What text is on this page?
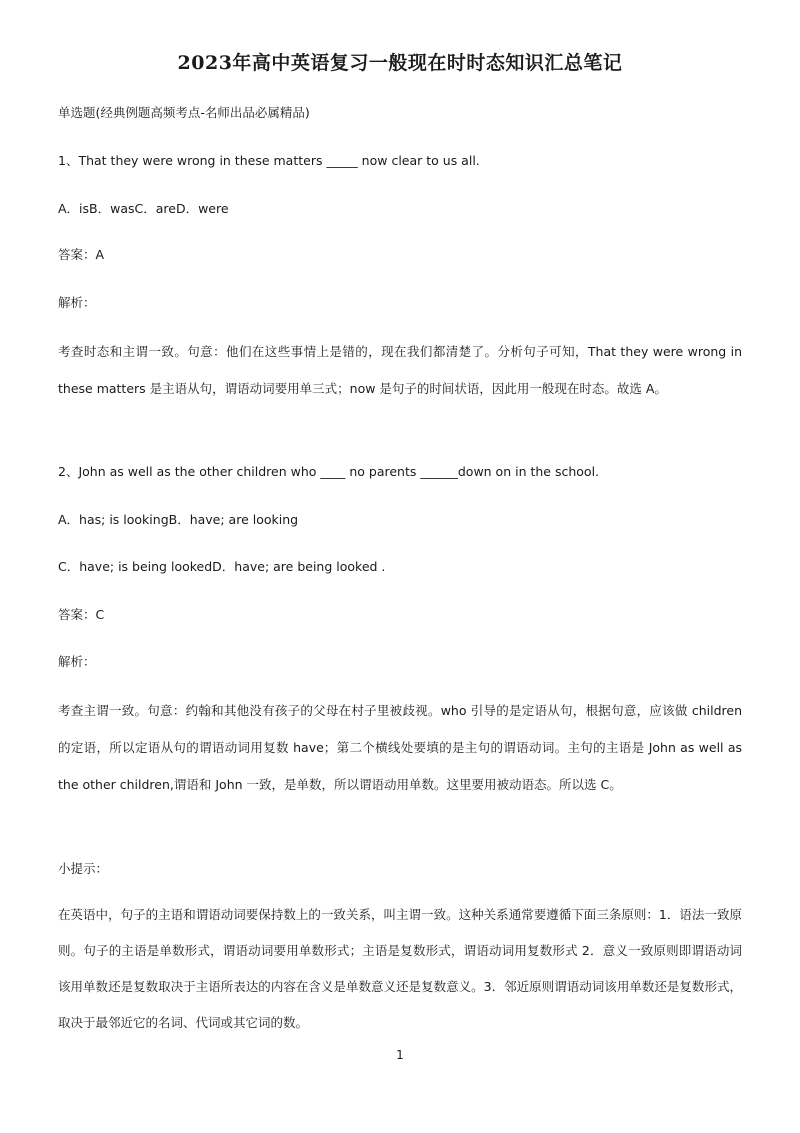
2023年高中英语复习一般现在时时态知识汇总笔记

单选题(经典例题高频考点-名师出品必属精品)

1、That they were wrong in these matters _____ now clear to us all.

A．isB．wasC．areD．were

答案：A

解析：

考查时态和主谓一致。句意：他们在这些事情上是错的，现在我们都清楚了。分析句子可知，That they were wrong in these matters 是主语从句，谓语动词要用单三式；now 是句子的时间状语，因此用一般现在时态。故选 A。

2、John as well as the other children who ____ no parents ______down on in the school.

A．has; is lookingB．have; are looking

C．have; is being lookedD．have; are being looked .

答案：C

解析：

考查主谓一致。句意：约翰和其他没有孩子的父母在村子里被歧视。who 引导的是定语从句，根据句意，应该做 children 的定语，所以定语从句的谓语动词用复数 have；第二个横线处要填的是主句的谓语动词。主句的主语是 John as well as the other children,谓语和 John 一致，是单数，所以谓语动用单数。这里要用被动语态。所以选 C。

小提示：

在英语中，句子的主语和谓语动词要保持数上的一致关系，叫主谓一致。这种关系通常要遵循下面三条原则：1．语法一致原则。句子的主语是单数形式，谓语动词要用单数形式；主语是复数形式，谓语动词用复数形式 2．意义一致原则即谓语动词该用单数还是复数取决于主语所表达的内容在含义是单数意义还是复数意义。3．邻近原则谓语动词该用单数还是复数形式，取决于最邻近它的名词、代词或其它词的数。

1
